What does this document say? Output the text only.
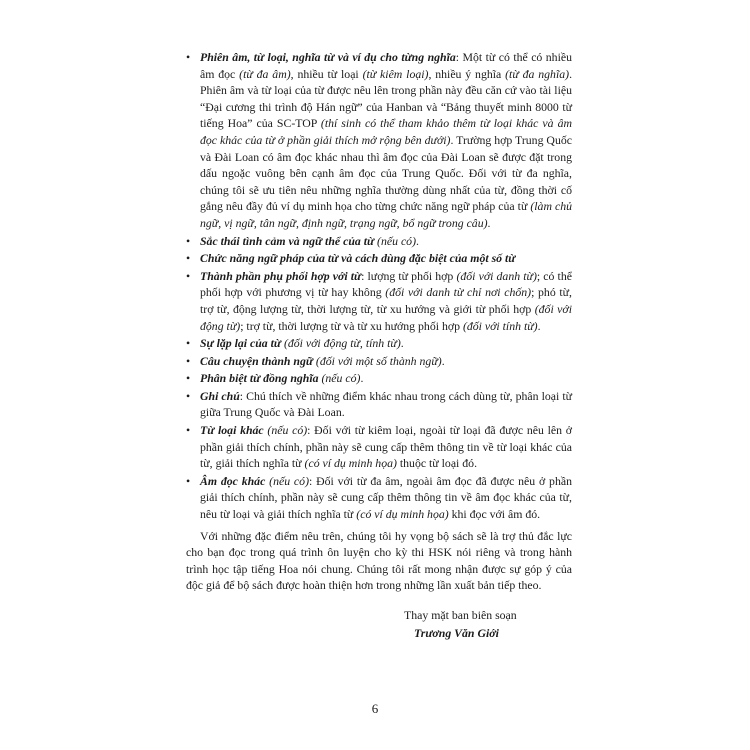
• Phiên âm, từ loại, nghĩa từ và ví dụ cho từng nghĩa: Một từ có thể có nhiều âm đọc (từ đa âm), nhiều từ loại (từ kiêm loại), nhiều ý nghĩa (từ đa nghĩa). Phiên âm và từ loại của từ được nêu lên trong phần này đều căn cứ vào tài liệu “Đại cương thi trình độ Hán ngữ” của Hanban và “Bảng thuyết minh 8000 từ tiếng Hoa” của SC-TOP (thí sinh có thể tham khảo thêm từ loại khác và âm đọc khác của từ ở phần giải thích mở rộng bên dưới). Trường hợp Trung Quốc và Đài Loan có âm đọc khác nhau thì âm đọc của Đài Loan sẽ được đặt trong dấu ngoặc vuông bên cạnh âm đọc của Trung Quốc. Đối với từ đa nghĩa, chúng tôi sẽ ưu tiên nêu những nghĩa thường dùng nhất của từ, đồng thời cố gắng nêu đầy đủ ví dụ minh họa cho từng chức năng ngữ pháp của từ (làm chủ ngữ, vị ngữ, tân ngữ, định ngữ, trạng ngữ, bổ ngữ trong câu).
• Sắc thái tình cảm và ngữ thể của từ (nếu có).
• Chức năng ngữ pháp của từ và cách dùng đặc biệt của một số từ
• Thành phần phụ phối hợp với từ: lượng từ phối hợp (đối với danh từ); có thể phối hợp với phương vị từ hay không (đối với danh từ chỉ nơi chốn); phó từ, trợ từ, động lượng từ, thời lượng từ, từ xu hướng và giới từ phối hợp (đối với động từ); trợ từ, thời lượng từ và từ xu hướng phối hợp (đối với tính từ).
• Sự lặp lại của từ (đối với động từ, tính từ).
• Câu chuyện thành ngữ (đối với một số thành ngữ).
• Phân biệt từ đồng nghĩa (nếu có).
• Ghi chú: Chú thích về những điểm khác nhau trong cách dùng từ, phân loại từ giữa Trung Quốc và Đài Loan.
• Từ loại khác (nếu có): Đối với từ kiêm loại, ngoài từ loại đã được nêu lên ở phần giải thích chính, phần này sẽ cung cấp thêm thông tin về từ loại khác của từ, giải thích nghĩa từ (có ví dụ minh họa) thuộc từ loại đó.
• Âm đọc khác (nếu có): Đối với từ đa âm, ngoài âm đọc đã được nêu ở phần giải thích chính, phần này sẽ cung cấp thêm thông tin về âm đọc khác của từ, nêu từ loại và giải thích nghĩa từ (có ví dụ minh họa) khi đọc với âm đó.

Với những đặc điểm nêu trên, chúng tôi hy vọng bộ sách sẽ là trợ thủ đắc lực cho bạn đọc trong quá trình ôn luyện cho kỳ thi HSK nói riêng và trong hành trình học tập tiếng Hoa nói chung. Chúng tôi rất mong nhận được sự góp ý của độc giả để bộ sách được hoàn thiện hơn trong những lần xuất bản tiếp theo.

Thay mặt ban biên soạn
Trương Văn Giới
6
